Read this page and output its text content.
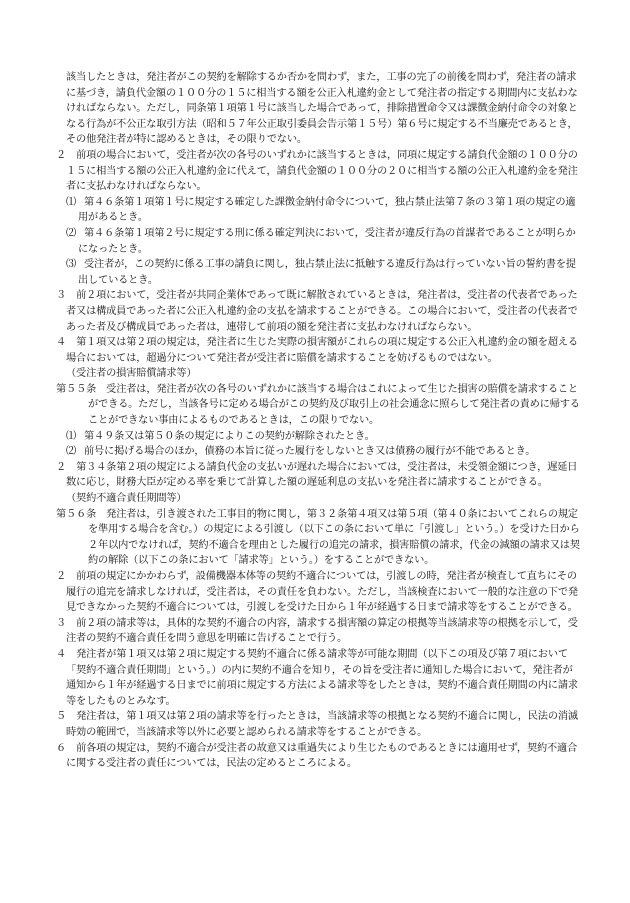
該当したときは，発注者がこの契約を解除するか否かを問わず，また，工事の完了の前後を問わず，発注者の請求に基づき，請負代金額の１００分の１５に相当する額を公正入札違約金として発注者の指定する期間内に支払わなければならない。ただし，同条第１項第１号に該当した場合であって，排除措置命令又は課徴金納付命令の対象となる行為が不公正な取引方法（昭和５７年公正取引委員会告示第１５号）第６号に規定する不当廉売であるとき，その他発注者が特に認めるときは，その限りでない。

２　前項の場合において，受注者が次の各号のいずれかに該当するときは，同項に規定する請負代金額の１００分の１５に相当する額の公正入札違約金に代えて，請負代金額の１００分の２０に相当する額の公正入札違約金を発注者に支払わなければならない。

⑴ 第４６条第１項第１号に規定する確定した課徴金納付命令について，独占禁止法第７条の３第１項の規定の適用があるとき。

⑵ 第４６条第１項第２号に規定する刑に係る確定判決において，受注者が違反行為の首謀者であることが明らかになったとき。

⑶ 受注者が，この契約に係る工事の請負に関し，独占禁止法に抵触する違反行為は行っていない旨の誓約書を提出しているとき。

３　前２項において，受注者が共同企業体であって既に解散されているときは，発注者は，受注者の代表者であった者又は構成員であった者に公正入札違約金の支払を請求することができる。この場合において，受注者の代表者であった者及び構成員であった者は，連帯して前項の額を発注者に支払わなければならない。

４　第１項又は第２項の規定は，発注者に生じた実際の損害額がこれらの項に規定する公正入札違約金の額を超える場合においては，超過分について発注者が受注者に賠償を請求することを妨げるものではない。

（受注者の損害賠償請求等）

第５５条　受注者は，発注者が次の各号のいずれかに該当する場合はこれによって生じた損害の賠償を請求することができる。ただし，当該各号に定める場合がこの契約及び取引上の社会通念に照らして発注者の責めに帰することができない事由によるものであるときは，この限りでない。

⑴ 第４９条又は第５０条の規定によりこの契約が解除されたとき。

⑵ 前号に掲げる場合のほか，債務の本旨に従った履行をしないとき又は債務の履行が不能であるとき。

２　第３４条第２項の規定による請負代金の支払いが遅れた場合においては，受注者は，未受領金額につき，遅延日数に応じ，財務大臣が定める率を乗じて計算した額の遅延利息の支払いを発注者に請求することができる。

（契約不適合責任期間等）

第５６条　発注者は，引き渡された工事目的物に関し，第３２条第４項又は第５項（第４０条においてこれらの規定を準用する場合を含む。）の規定による引渡し（以下この条において単に「引渡し」という。）を受けた日から２年以内でなければ，契約不適合を理由とした履行の追完の請求，損害賠償の請求，代金の減額の請求又は契約の解除（以下この条において「請求等」という。）をすることができない。

２　前項の規定にかかわらず，設備機器本体等の契約不適合については，引渡しの時，発注者が検査して直ちにその履行の追完を請求しなければ，受注者は，その責任を負わない。ただし，当該検査において一般的な注意の下で発見できなかった契約不適合については，引渡しを受けた日から１年が経過する日まで請求等をすることができる。

３　前２項の請求等は，具体的な契約不適合の内容，請求する損害額の算定の根拠等当該請求等の根拠を示して，受注者の契約不適合責任を問う意思を明確に告げることで行う。

４　発注者が第１項又は第２項に規定する契約不適合に係る請求等が可能な期間（以下この項及び第７項において「契約不適合責任期間」という。）の内に契約不適合を知り，その旨を受注者に通知した場合において，発注者が通知から１年が経過する日までに前項に規定する方法による請求等をしたときは，契約不適合責任期間の内に請求等をしたものとみなす。

５　発注者は，第１項又は第２項の請求等を行ったときは，当該請求等の根拠となる契約不適合に関し，民法の消滅時効の範囲で，当該請求等以外に必要と認められる請求等をすることができる。

６　前各項の規定は，契約不適合が受注者の故意又は重過失により生じたものであるときには適用せず，契約不適合に関する受注者の責任については，民法の定めるところによる。
